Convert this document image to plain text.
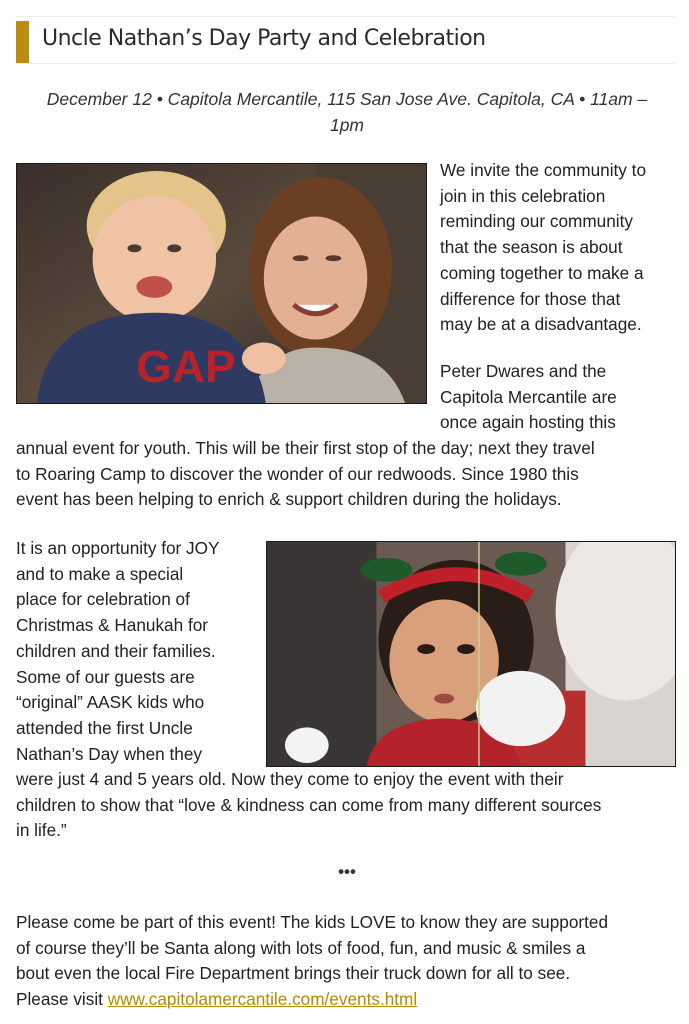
Uncle Nathan’s Day Party and Celebration

December 12 • Capitola Mercantile, 115 San Jose Ave. Capitola, CA • 11am –
1pm

GAP

We invite the community to
join in this celebration
reminding our community
that the season is about
coming together to make a
difference for those that
may be at a disadvantage.

Peter Dwares and the
Capitola Mercantile are
once again hosting this

annual event for youth. This will be their first stop of the day; next they travel
to Roaring Camp to discover the wonder of our redwoods. Since 1980 this
event has been helping to enrich & support children during the holidays.

It is an opportunity for JOY
and to make a special
place for celebration of
Christmas & Hanukah for
children and their families.
Some of our guests are
“original” AASK kids who
attended the first Uncle
Nathan’s Day when they

were just 4 and 5 years old. Now they come to enjoy the event with their
children to show that “love & kindness can come from many different sources
in life.”

•••

Please come be part of this event! The kids LOVE to know they are supported
of course they’ll be Santa along with lots of food, fun, and music & smiles a
bout even the local Fire Department brings their truck down for all to see.
Please visit www.capitolamercantile.com/events.html
